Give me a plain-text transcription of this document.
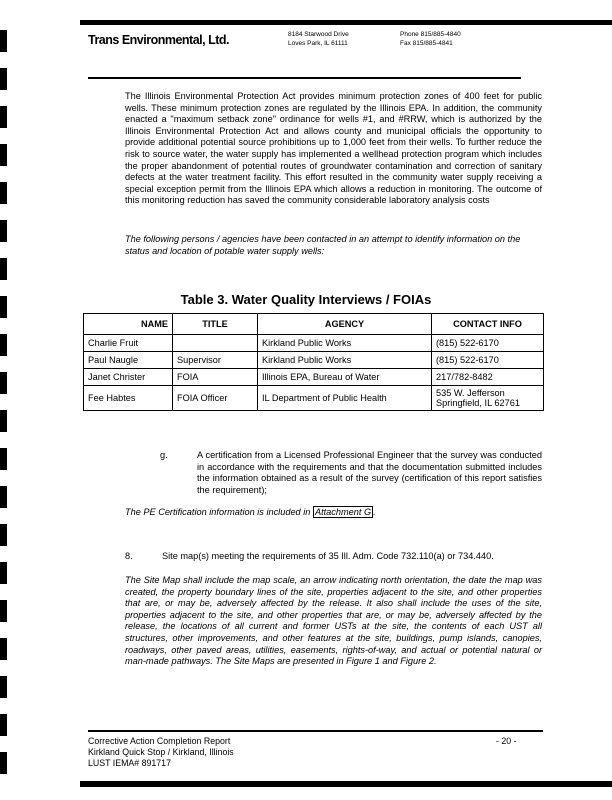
Trans Environmental, Ltd.	8184 Starwood Drive
Loves Park, IL 61111
Phone 815/885-4840
Fax 815/885-4841
The Illinois Environmental Protection Act provides minimum protection zones of 400 feet for public wells. These minimum protection zones are regulated by the Illinois EPA. In addition, the community enacted a "maximum setback zone" ordinance for wells #1, and #RRW, which is authorized by the Illinois Environmental Protection Act and allows county and municipal officials the opportunity to provide additional potential source prohibitions up to 1,000 feet from their wells. To further reduce the risk to source water, the water supply has implemented a wellhead protection program which includes the proper abandonment of potential routes of groundwater contamination and correction of sanitary defects at the water treatment facility. This effort resulted in the community water supply receiving a special exception permit from the Illinois EPA which allows a reduction in monitoring. The outcome of this monitoring reduction has saved the community considerable laboratory analysis costs
The following persons / agencies have been contacted in an attempt to identify information on the status and location of potable water supply wells:
Table 3. Water Quality Interviews / FOIAs
NAME	TITLE	AGENCY	CONTACT INFO
Charlie Fruit		Kirkland Public Works	(815) 522-6170

Paul Naugle	Supervisor	Kirkland Public Works	(815) 522-6170

Janet Christer	FOIA	Illinois EPA, Bureau of Water	217/782-8482

Fee Habtes	FOIA Officer	IL Department of Public Health	535 W. Jefferson
Springfield, IL 62761
g.	A certification from a Licensed Professional Engineer that the survey was conducted in accordance with the requirements and that the documentation submitted includes the information obtained as a result of the survey (certification of this report satisfies the requirement);
The PE Certification information is included in Attachment G .
8.	Site map(s) meeting the requirements of 35 Ill. Adm. Code 732.110(a) or 734.440.
The Site Map shall include the map scale, an arrow indicating north orientation, the date the map was created, the property boundary lines of the site, properties adjacent to the site, and other properties that are, or may be, adversely affected by the release. It also shall include the uses of the site, properties adjacent to the site, and other properties that are, or may be, adversely affected by the release, the locations of all current and former USTs at the site, the contents of each UST all structures, other improvements, and other features at the site, buildings, pump islands, canopies, roadways, other paved areas, utilities, easements, rights-of-way, and actual or potential natural or man-made pathways. The Site Maps are presented in Figure 1 and Figure 2.
Corrective Action Completion Report
Kirkland Quick Stop / Kirkland, Illinois
LUST IEMA# 891717
- 20 -
